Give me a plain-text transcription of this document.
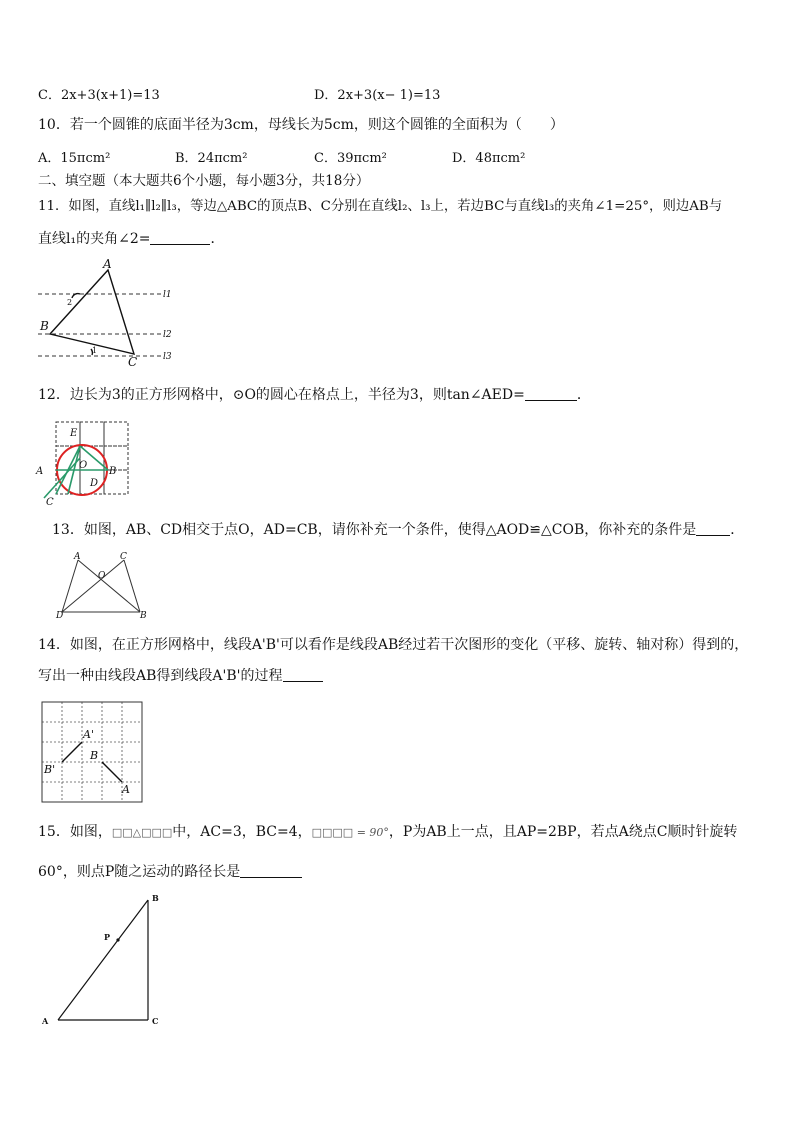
C．2x+3(x+1)=13	D．2x+3(x− 1)=13
10．若一个圆锥的底面半径为3cm，母线长为5cm，则这个圆锥的全面积为（　　）
A．15πcm²	B．24πcm²	C．39πcm²	D．48πcm²
二、填空题（本大题共6个小题，每小题3分，共18分）
11．如图，直线l₁∥l₂∥l₃，等边△ABC的顶点B、C分别在直线l₂、l₃上，若边BC与直线l₃的夹角∠1=25°，则边AB与
直线l₁的夹角∠2=	．
A
B
C
l1
l2
l3
2
1
12．边长为3的正方形网格中，⊙O的圆心在格点上，半径为3，则tan∠AED=	．
E
O
A	B
C
D
13．如图，AB、CD相交于点O，AD=CB，请你补充一个条件，使得△AOD≌△COB，你补充的条件是 ．
A	C
O
D	B
14．如图，在正方形网格中，线段A'B'可以看作是线段AB经过若干次图形的变化（平移、旋转、轴对称）得到的，
写出一种由线段AB得到线段A'B'的过程
A'
B
B'
A
15．如图，□□△□□□中，AC=3，BC=4，□□□□ = 90°，P为AB上一点，且AP=2BP，若点A绕点C顺时针旋转
60°，则点P随之运动的路径长是
B
P
A	C
